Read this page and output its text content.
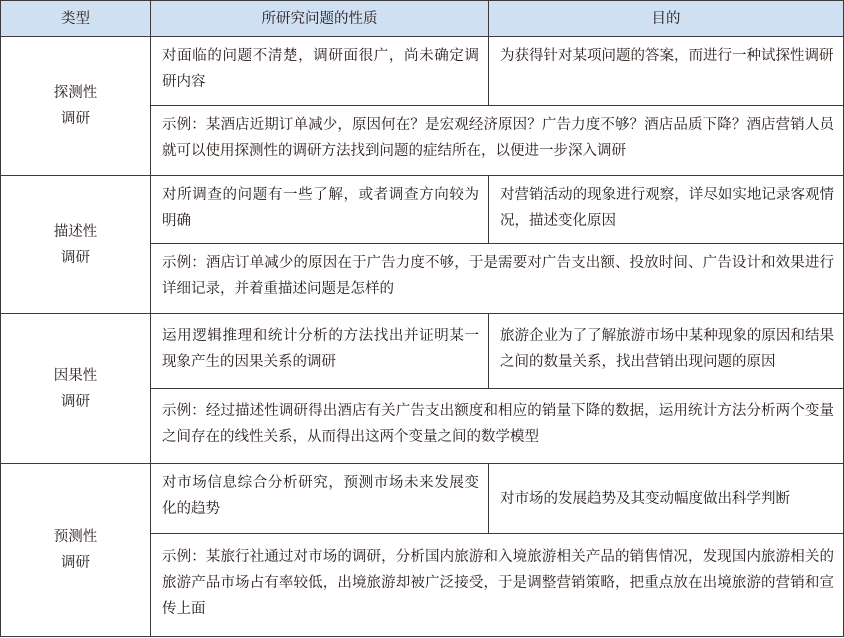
类型	所研究问题的性质	目的
探测性
调研
对面临的问题不清楚，调研面很广，尚未确定调研内容
为获得针对某项问题的答案，而进行一种试探性调研
示例：某酒店近期订单减少，原因何在？是宏观经济原因？广告力度不够？酒店品质下降？酒店营销人员就可以使用探测性的调研方法找到问题的症结所在，以便进一步深入调研
描述性
调研
对所调查的问题有一些了解，或者调查方向较为明确
对营销活动的现象进行观察，详尽如实地记录客观情况，描述变化原因
示例：酒店订单减少的原因在于广告力度不够，于是需要对广告支出额、投放时间、广告设计和效果进行详细记录，并着重描述问题是怎样的
因果性
调研
运用逻辑推理和统计分析的方法找出并证明某一现象产生的因果关系的调研
旅游企业为了了解旅游市场中某种现象的原因和结果之间的数量关系，找出营销出现问题的原因
示例：经过描述性调研得出酒店有关广告支出额度和相应的销量下降的数据，运用统计方法分析两个变量之间存在的线性关系，从而得出这两个变量之间的数学模型
预测性
调研
对市场信息综合分析研究，预测市场未来发展变化的趋势
对市场的发展趋势及其变动幅度做出科学判断
示例：某旅行社通过对市场的调研，分析国内旅游和入境旅游相关产品的销售情况，发现国内旅游相关的旅游产品市场占有率较低，出境旅游却被广泛接受，于是调整营销策略，把重点放在出境旅游的营销和宣传上面
